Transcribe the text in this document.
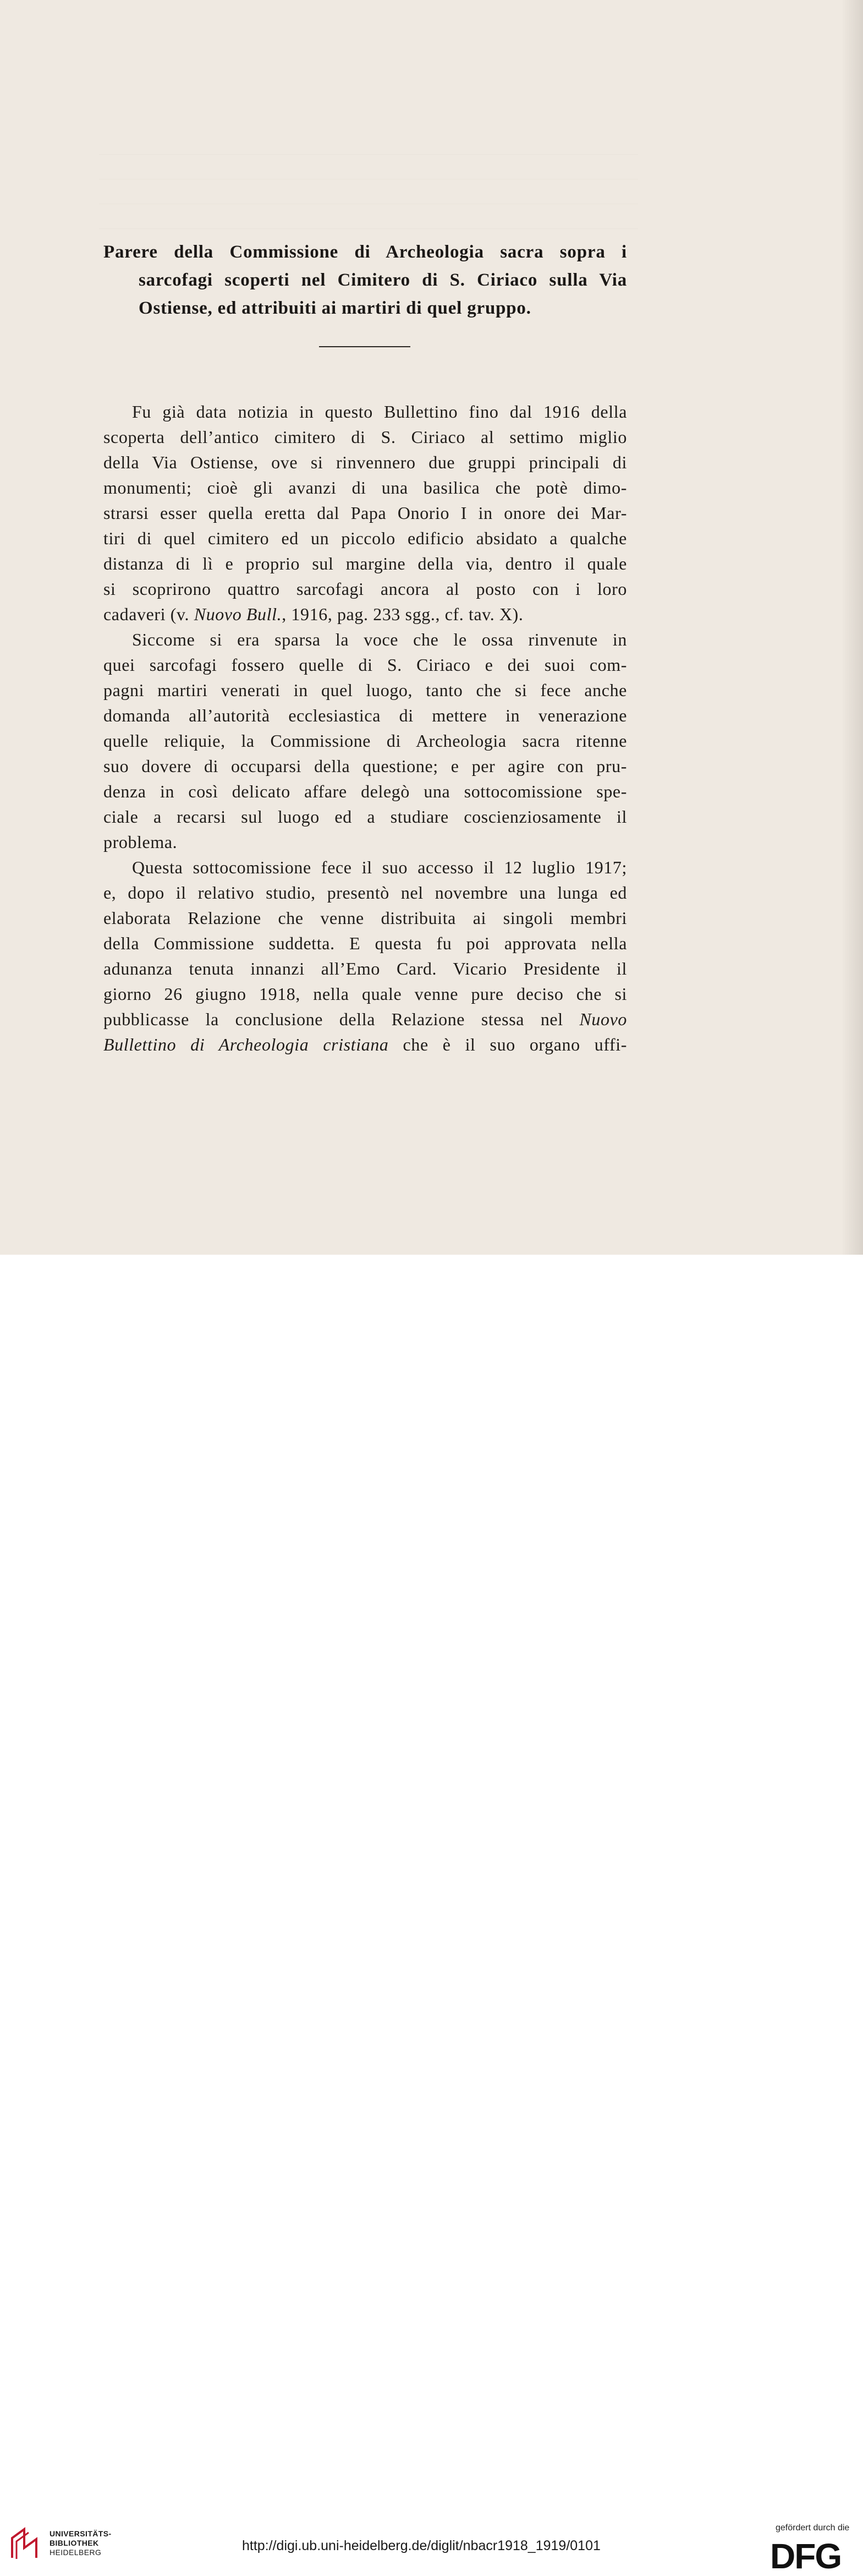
Parere della Commissione di Archeologia sacra sopra i
sarcofagi scoperti nel Cimitero di S. Ciriaco sulla Via
Ostiense, ed attribuiti ai martiri di quel gruppo.
Fu già data notizia in questo Bullettino fino dal 1916 della
scoperta dell’antico cimitero di S. Ciriaco al settimo miglio
della Via Ostiense, ove si rinvennero due gruppi principali di
monumenti; cioè gli avanzi di una basilica che potè dimo-
strarsi esser quella eretta dal Papa Onorio I in onore dei Mar-
tiri di quel cimitero ed un piccolo edificio absidato a qualche
distanza di lì e proprio sul margine della via, dentro il quale
si scoprirono quattro sarcofagi ancora al posto con i loro
cadaveri (v. Nuovo Bull., 1916, pag. 233 sgg., cf. tav. X).
Siccome si era sparsa la voce che le ossa rinvenute in
quei sarcofagi fossero quelle di S. Ciriaco e dei suoi com-
pagni martiri venerati in quel luogo, tanto che si fece anche
domanda all’autorità ecclesiastica di mettere in venerazione
quelle reliquie, la Commissione di Archeologia sacra ritenne
suo dovere di occuparsi della questione; e per agire con pru-
denza in così delicato affare delegò una sottocomissione spe-
ciale a recarsi sul luogo ed a studiare coscienziosamente il
problema.
Questa sottocomissione fece il suo accesso il 12 luglio 1917;
e, dopo il relativo studio, presentò nel novembre una lunga ed
elaborata Relazione che venne distribuita ai singoli membri
della Commissione suddetta. E questa fu poi approvata nella
adunanza tenuta innanzi all’Emo Card. Vicario Presidente il
giorno 26 giugno 1918, nella quale venne pure deciso che si
pubblicasse la conclusione della Relazione stessa nel Nuovo
Bullettino di Archeologia cristiana che è il suo organo uffi-
UNIVERSITÄTS-
BIBLIOTHEK
HEIDELBERG	http://digi.ub.uni-heidelberg.de/diglit/nbacr1918_1919/0101
gefördert durch die
DFG
